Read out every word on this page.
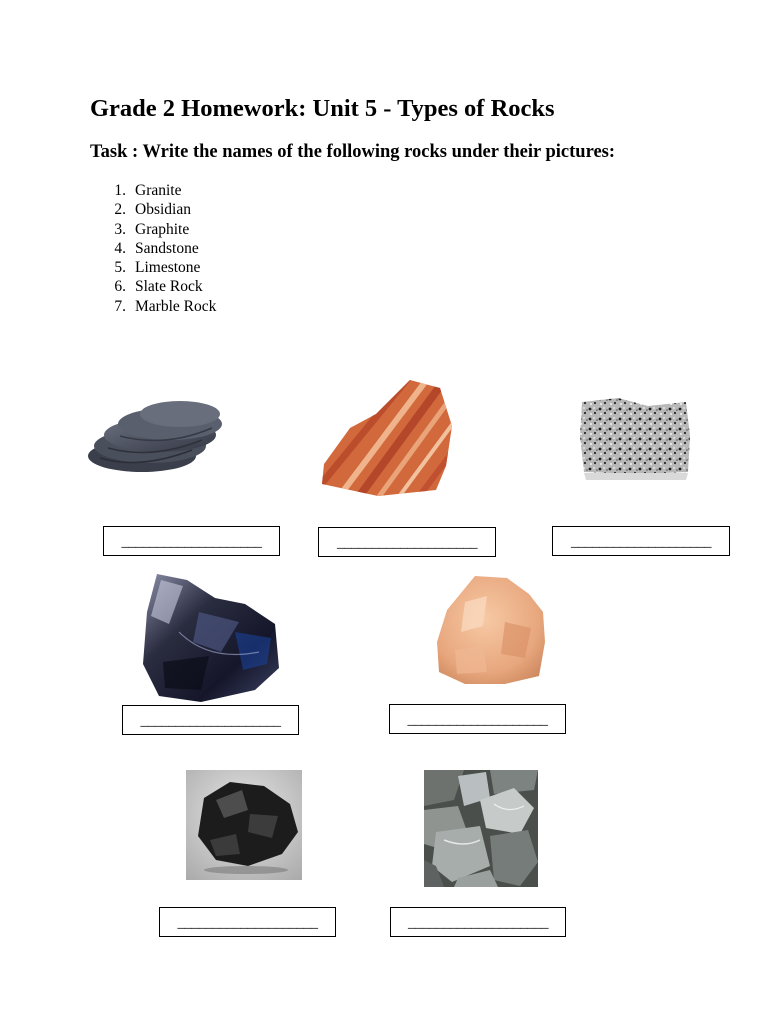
Grade 2 Homework: Unit 5 - Types of Rocks
Task : Write the names of the following rocks under their pictures:
1. Granite
2. Obsidian
3. Graphite
4. Sandstone
5. Limestone
6. Slate Rock
7. Marble Rock
____________________	____________________	____________________
____________________	____________________
____________________	____________________
